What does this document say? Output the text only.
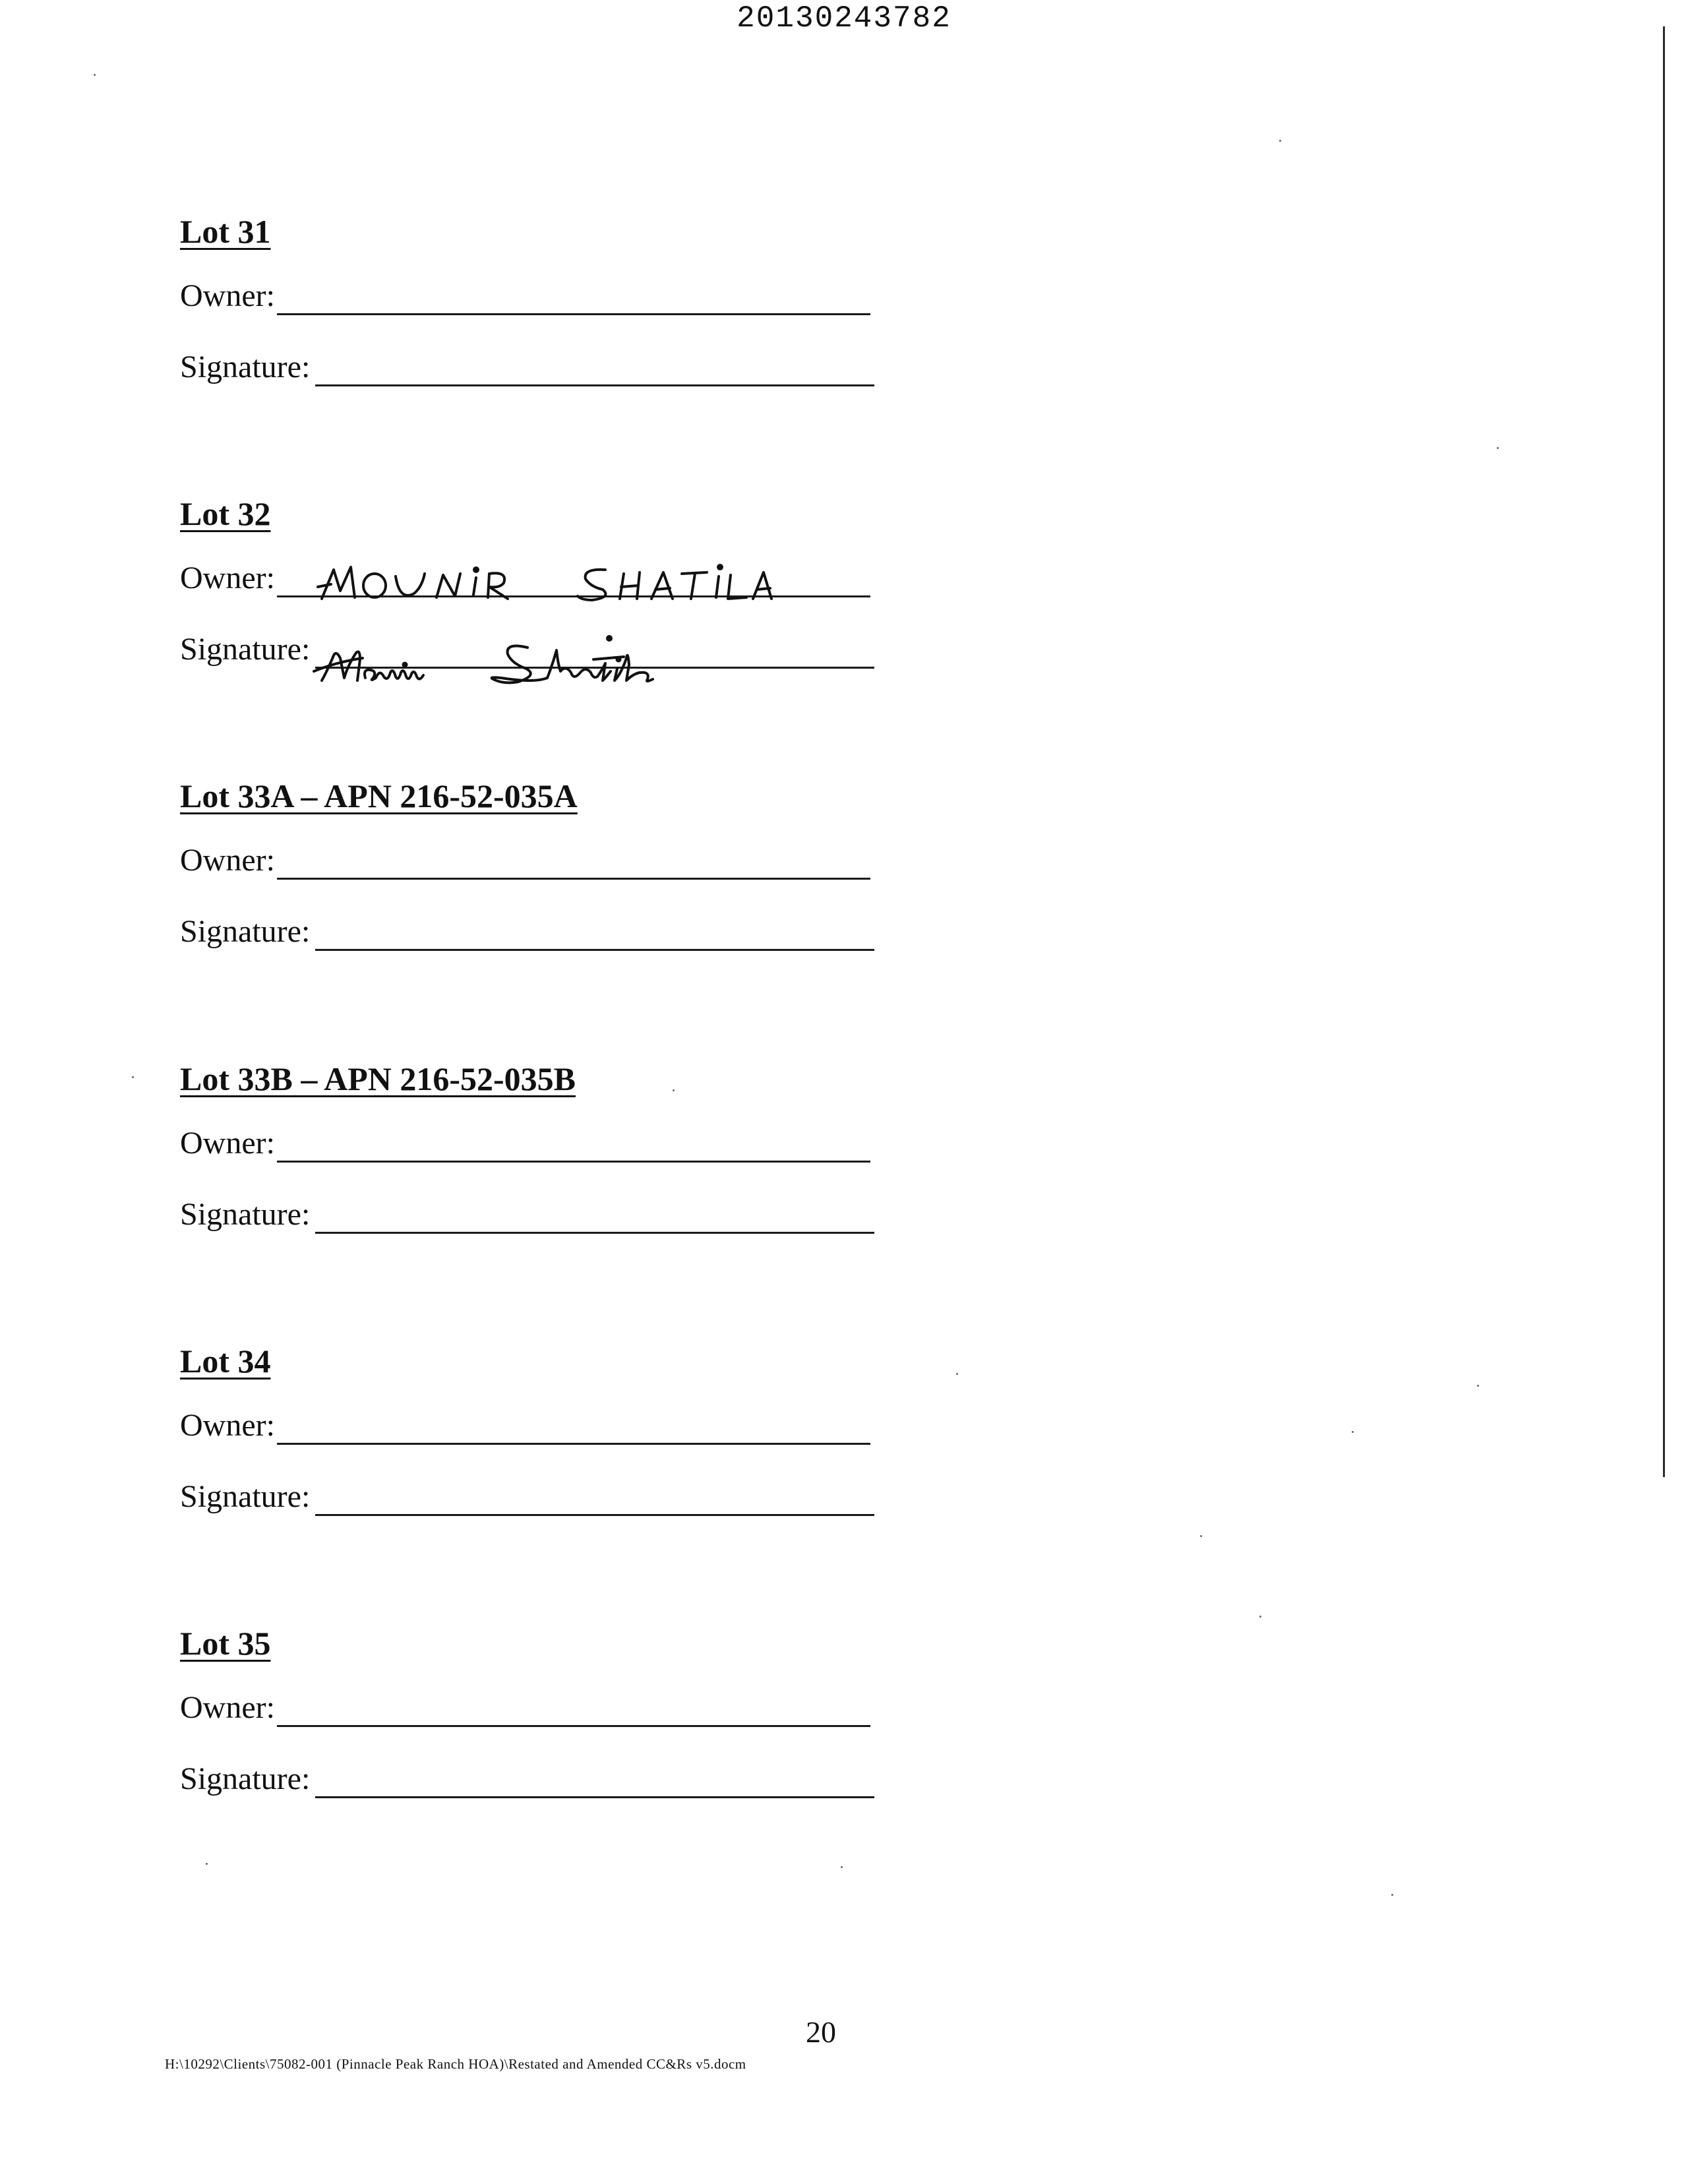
20130243782
Lot 31
Owner:
Signature:
Lot 32
Owner:
Signature:
Lot 33A – APN 216-52-035A
Owner:
Signature:
Lot 33B – APN 216-52-035B
Owner:
Signature:
Lot 34
Owner:
Signature:
Lot 35
Owner:
Signature:
20
H:\10292\Clients\75082-001 (Pinnacle Peak Ranch HOA)\Restated and Amended CC&Rs v5.docm
